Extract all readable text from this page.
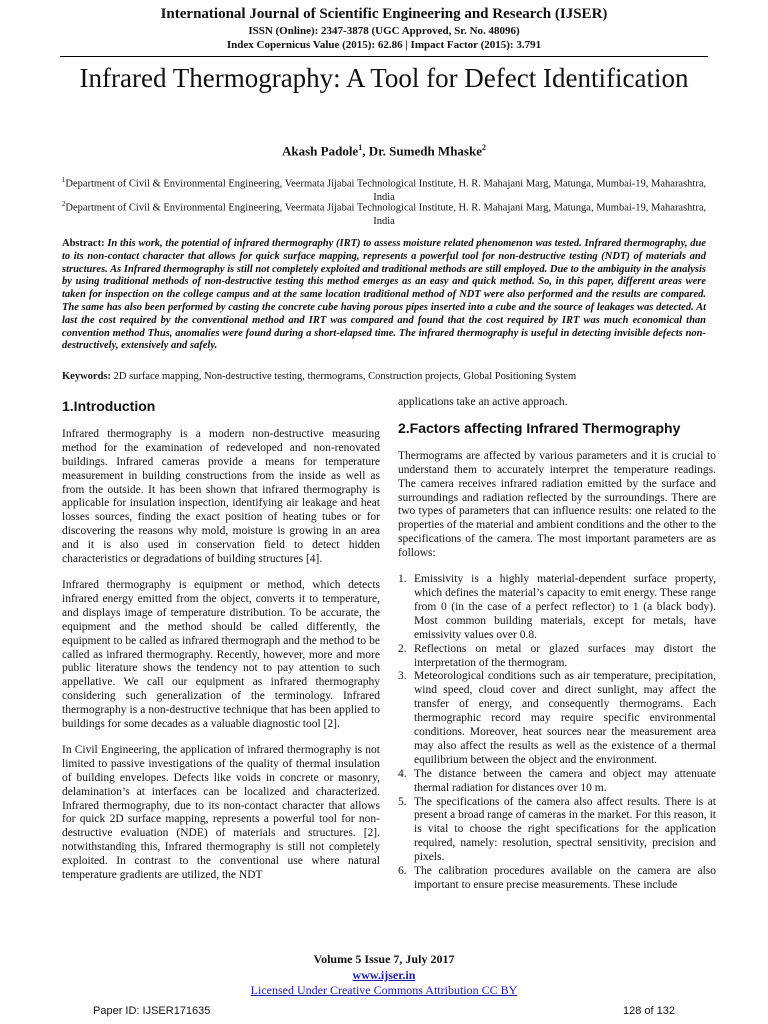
International Journal of Scientific Engineering and Research (IJSER)
ISSN (Online): 2347-3878 (UGC Approved, Sr. No. 48096)
Index Copernicus Value (2015): 62.86 | Impact Factor (2015): 3.791
Infrared Thermography: A Tool for Defect Identification
Akash Padole$^1$, Dr. Sumedh Mhaske$^2$
$^1$Department of Civil & Environmental Engineering, Veermata Jijabai Technological Institute, H. R. Mahajani Marg, Matunga, Mumbai-19, Maharashtra, India
$^2$Department of Civil & Environmental Engineering, Veermata Jijabai Technological Institute, H. R. Mahajani Marg, Matunga, Mumbai-19, Maharashtra, India
Abstract: In this work, the potential of infrared thermography (IRT) to assess moisture related phenomenon was tested. Infrared thermography, due to its non-contact character that allows for quick surface mapping, represents a powerful tool for non-destructive testing (NDT) of materials and structures. As Infrared thermography is still not completely exploited and traditional methods are still employed. Due to the ambiguity in the analysis by using traditional methods of non-destructive testing this method emerges as an easy and quick method. So, in this paper, different areas were taken for inspection on the college campus and at the same location traditional method of NDT were also performed and the results are compared. The same has also been performed by casting the concrete cube having porous pipes inserted into a cube and the source of leakages was detected. At last the cost required by the conventional method and IRT was compared and found that the cost required by IRT was much economical than convention method Thus, anomalies were found during a short-elapsed time. The infrared thermography is useful in detecting invisible defects non-destructively, extensively and safely.
Keywords: 2D surface mapping, Non-destructive testing, thermograms, Construction projects, Global Positioning System
1.Introduction

Infrared thermography is a modern non-destructive measuring method for the examination of redeveloped and non-renovated buildings. Infrared cameras provide a means for temperature measurement in building constructions from the inside as well as from the outside. It has been shown that infrared thermography is applicable for insulation inspection, identifying air leakage and heat losses sources, finding the exact position of heating tubes or for discovering the reasons why mold, moisture is growing in an area and it is also used in conservation field to detect hidden characteristics or degradations of building structures [4].

Infrared thermography is equipment or method, which detects infrared energy emitted from the object, converts it to temperature, and displays image of temperature distribution. To be accurate, the equipment and the method should be called differently, the equipment to be called as infrared thermograph and the method to be called as infrared thermography. Recently, however, more and more public literature shows the tendency not to pay attention to such appellative. We call our equipment as infrared thermography considering such generalization of the terminology. Infrared thermography is a non-destructive technique that has been applied to buildings for some decades as a valuable diagnostic tool [2].

In Civil Engineering, the application of infrared thermography is not limited to passive investigations of the quality of thermal insulation of building envelopes. Defects like voids in concrete or masonry, delamination’s at interfaces can be localized and characterized. Infrared thermography, due to its non-contact character that allows for quick 2D surface mapping, represents a powerful tool for non-destructive evaluation (NDE) of materials and structures. [2]. notwithstanding this, Infrared thermography is still not completely exploited. In contrast to the conventional use where natural temperature gradients are utilized, the NDT

applications take an active approach.

2.Factors affecting Infrared Thermography

Thermograms are affected by various parameters and it is crucial to understand them to accurately interpret the temperature readings. The camera receives infrared radiation emitted by the surface and surroundings and radiation reflected by the surroundings. There are two types of parameters that can influence results: one related to the properties of the material and ambient conditions and the other to the specifications of the camera. The most important parameters are as follows:

1. Emissivity is a highly material-dependent surface property, which defines the material’s capacity to emit energy. These range from 0 (in the case of a perfect reflector) to 1 (a black body). Most common building materials, except for metals, have emissivity values over 0.8.
2. Reflections on metal or glazed surfaces may distort the interpretation of the thermogram.
3. Meteorological conditions such as air temperature, precipitation, wind speed, cloud cover and direct sunlight, may affect the transfer of energy, and consequently thermograms. Each thermographic record may require specific environmental conditions. Moreover, heat sources near the measurement area may also affect the results as well as the existence of a thermal equilibrium between the object and the environment.
4. The distance between the camera and object may attenuate thermal radiation for distances over 10 m.
5. The specifications of the camera also affect results. There is at present a broad range of cameras in the market. For this reason, it is vital to choose the right specifications for the application required, namely: resolution, spectral sensitivity, precision and pixels.
6. The calibration procedures available on the camera are also important to ensure precise measurements. These include
Volume 5 Issue 7, July 2017
www.ijser.in
Licensed Under Creative Commons Attribution CC BY
Paper ID: IJSER171635	128 of 132
